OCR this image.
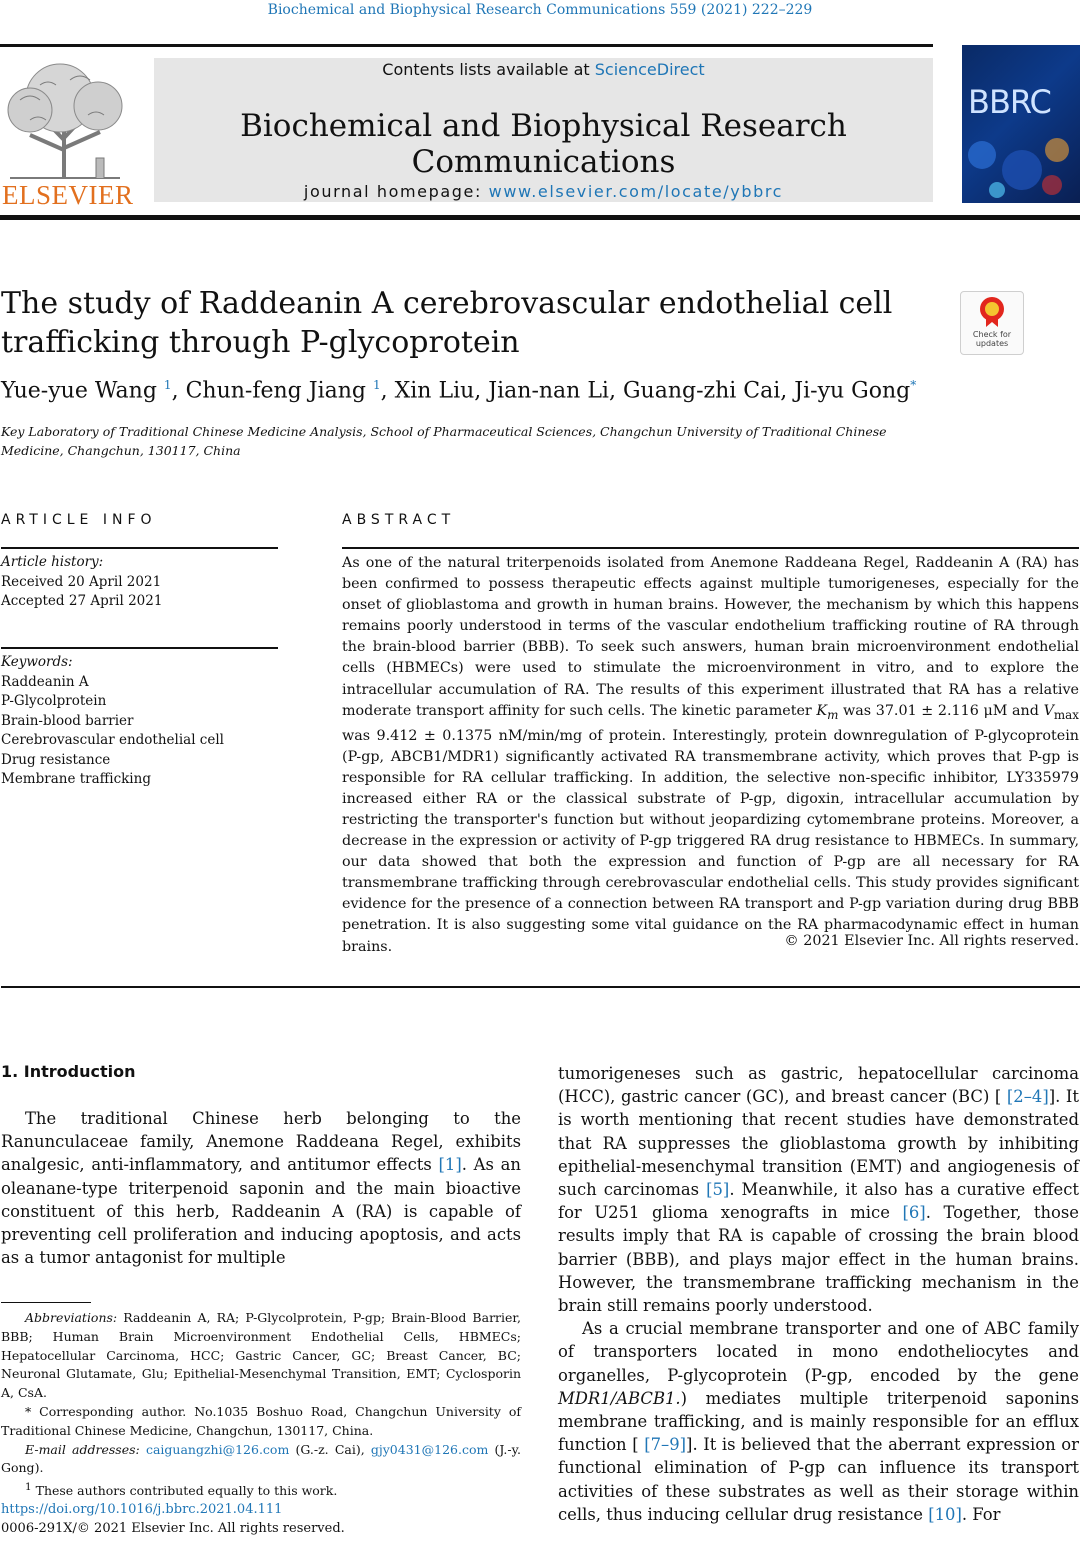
Biochemical and Biophysical Research Communications 559 (2021) 222–229
ELSEVIER
Contents lists available at ScienceDirect
Biochemical and Biophysical Research Communications
journal homepage: www.elsevier.com/locate/ybbrc
BBRC
The study of Raddeanin A cerebrovascular endothelial cell trafficking through P-glycoprotein	Check for
updates
Yue-yue Wang $^1$, Chun-feng Jiang $^1$, Xin Liu, Jian-nan Li, Guang-zhi Cai, Ji-yu Gong*
Key Laboratory of Traditional Chinese Medicine Analysis, School of Pharmaceutical Sciences, Changchun University of Traditional Chinese Medicine, Changchun, 130117, China
ARTICLE INFO
Article history:
Received 20 April 2021
Accepted 27 April 2021
Keywords:
Raddeanin A
P-Glycolprotein
Brain-blood barrier
Cerebrovascular endothelial cell
Drug resistance
Membrane trafficking
ABSTRACT
As one of the natural triterpenoids isolated from Anemone Raddeana Regel, Raddeanin A (RA) has been confirmed to possess therapeutic effects against multiple tumorigeneses, especially for the onset of glioblastoma and growth in human brains. However, the mechanism by which this happens remains poorly understood in terms of the vascular endothelium trafficking routine of RA through the brain-blood barrier (BBB). To seek such answers, human brain microenvironment endothelial cells (HBMECs) were used to stimulate the microenvironment in vitro, and to explore the intracellular accumulation of RA. The results of this experiment illustrated that RA has a relative moderate transport affinity for such cells. The kinetic parameter $K_m$ was 37.01 ± 2.116 μM and $V_{max}$ was 9.412 ± 0.1375 nM/min/mg of protein. Interestingly, protein downregulation of P-glycoprotein (P-gp, ABCB1/MDR1) significantly activated RA transmembrane activity, which proves that P-gp is responsible for RA cellular trafficking. In addition, the selective non-specific inhibitor, LY335979 increased either RA or the classical substrate of P-gp, digoxin, intracellular accumulation by restricting the transporter's function but without jeopardizing cytomembrane proteins. Moreover, a decrease in the expression or activity of P-gp triggered RA drug resistance to HBMECs. In summary, our data showed that both the expression and function of P-gp are all necessary for RA transmembrane trafficking through cerebrovascular endothelial cells. This study provides significant evidence for the presence of a connection between RA transport and P-gp variation during drug BBB penetration. It is also suggesting some vital guidance on the RA pharmacodynamic effect in human brains.	© 2021 Elsevier Inc. All rights reserved.
1. Introduction

The traditional Chinese herb belonging to the Ranunculaceae family, Anemone Raddeana Regel, exhibits analgesic, anti-inflammatory, and antitumor effects [1]. As an oleanane-type triterpenoid saponin and the main bioactive constituent of this herb, Raddeanin A (RA) is capable of preventing cell proliferation and inducing apoptosis, and acts as a tumor antagonist for multiple

tumorigeneses such as gastric, hepatocellular carcinoma (HCC), gastric cancer (GC), and breast cancer (BC) [ [2–4]]. It is worth mentioning that recent studies have demonstrated that RA suppresses the glioblastoma growth by inhibiting epithelial-mesenchymal transition (EMT) and angiogenesis of such carcinomas [5]. Meanwhile, it also has a curative effect for U251 glioma xenografts in mice [6]. Together, those results imply that RA is capable of crossing the brain blood barrier (BBB), and plays major effect in the human brains. However, the transmembrane trafficking mechanism in the brain still remains poorly understood.

As a crucial membrane transporter and one of ABC family of transporters located in mono endotheliocytes and organelles, P-glycoprotein (P-gp, encoded by the gene MDR1/ABCB1.) mediates multiple triterpenoid saponins membrane trafficking, and is mainly responsible for an efflux function [ [7–9]]. It is believed that the aberrant expression or functional elimination of P-gp can influence its transport activities of these substrates as well as their storage within cells, thus inducing cellular drug resistance [10]. For

Abbreviations: Raddeanin A, RA; P-Glycolprotein, P-gp; Brain-Blood Barrier, BBB; Human Brain Microenvironment Endothelial Cells, HBMECs; Hepatocellular Carcinoma, HCC; Gastric Cancer, GC; Breast Cancer, BC; Neuronal Glutamate, Glu; Epithelial-Mesenchymal Transition, EMT; Cyclosporin A, CsA.

* Corresponding author. No.1035 Boshuo Road, Changchun University of Traditional Chinese Medicine, Changchun, 130117, China.

E-mail addresses: caiguangzhi@126.com (G.-z. Cai), gjy0431@126.com (J.-y. Gong).

$^1$ These authors contributed equally to this work.

https://doi.org/10.1016/j.bbrc.2021.04.111
0006-291X/© 2021 Elsevier Inc. All rights reserved.
